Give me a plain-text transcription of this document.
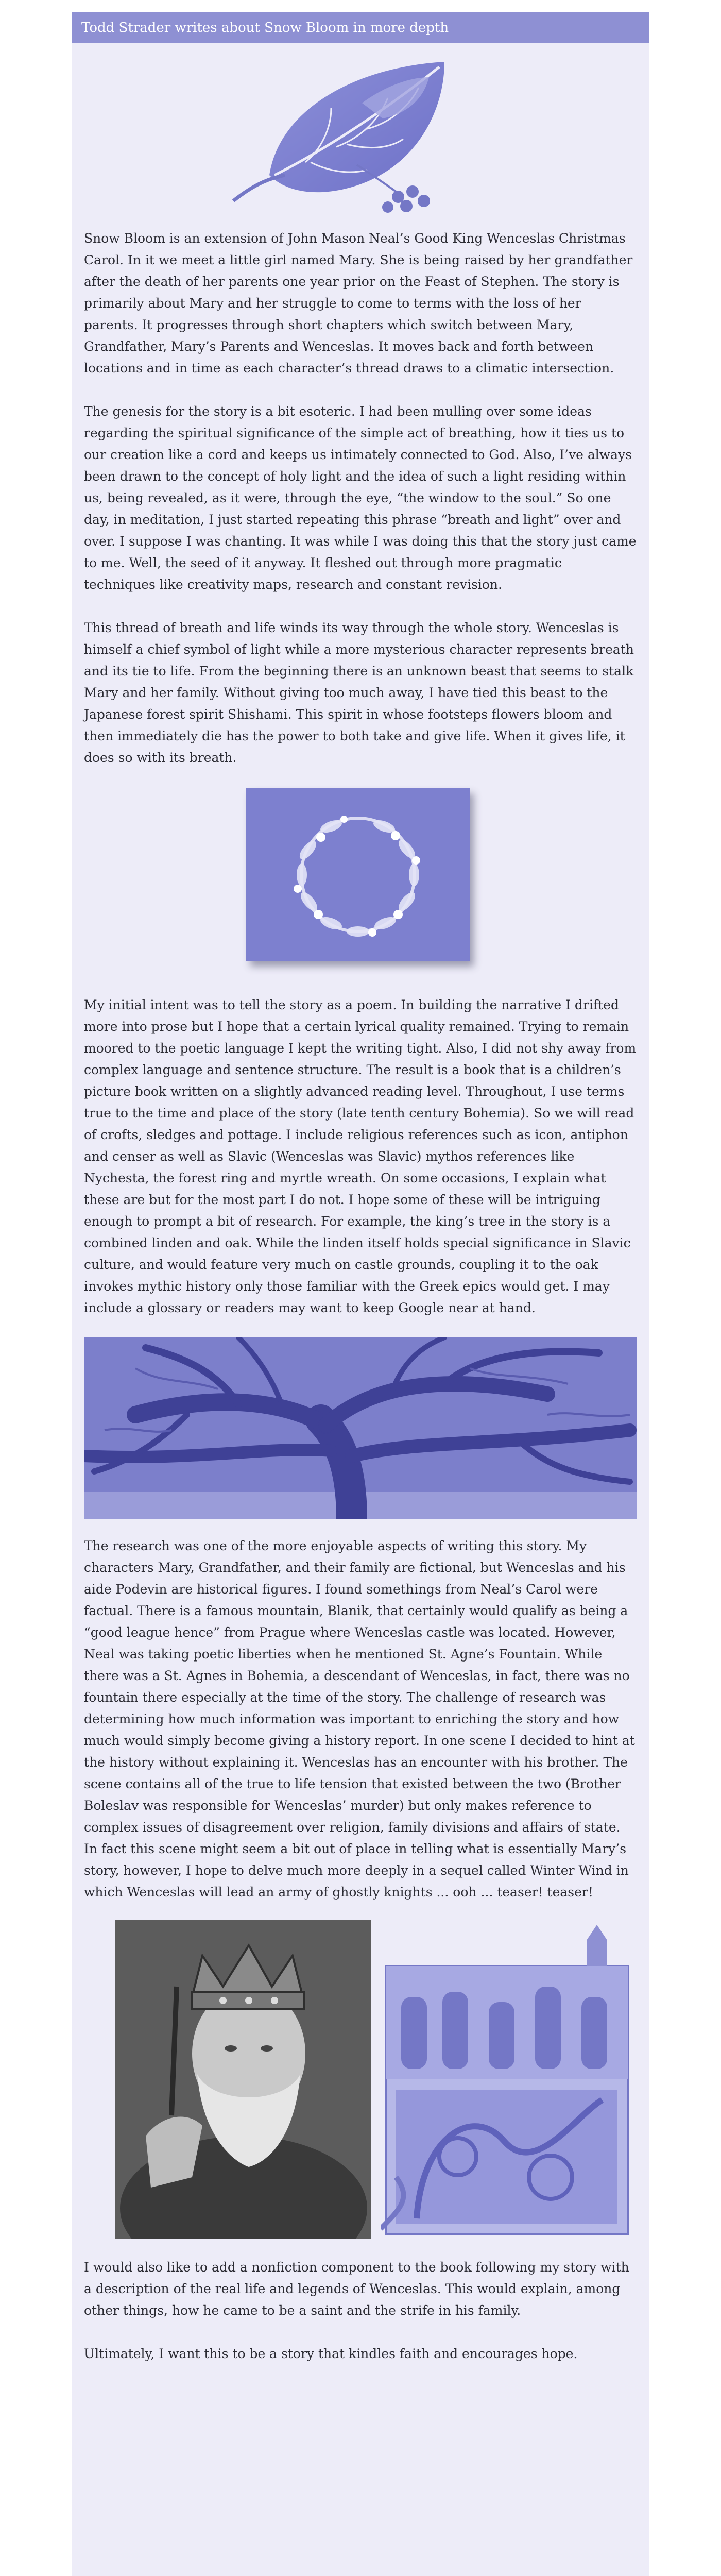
Todd Strader writes about Snow Bloom in more depth

Snow Bloom is an extension of John Mason Neal’s Good King Wenceslas Christmas Carol. In it we meet a little girl named Mary. She is being raised by her grandfather after the death of her parents one year prior on the Feast of Stephen. The story is primarily about Mary and her struggle to come to terms with the loss of her parents. It progresses through short chapters which switch between Mary, Grandfather, Mary’s Parents and Wenceslas. It moves back and forth between locations and in time as each character’s thread draws to a climatic intersection.

The genesis for the story is a bit esoteric. I had been mulling over some ideas regarding the spiritual significance of the simple act of breathing, how it ties us to our creation like a cord and keeps us intimately connected to God. Also, I’ve always been drawn to the concept of holy light and the idea of such a light residing within us, being revealed, as it were, through the eye, “the window to the soul.” So one day, in meditation, I just started repeating this phrase “breath and light” over and over. I suppose I was chanting. It was while I was doing this that the story just came to me. Well, the seed of it anyway. It fleshed out through more pragmatic techniques like creativity maps, research and constant revision.

This thread of breath and life winds its way through the whole story. Wenceslas is himself a chief symbol of light while a more mysterious character represents breath and its tie to life. From the beginning there is an unknown beast that seems to stalk Mary and her family. Without giving too much away, I have tied this beast to the Japanese forest spirit Shishami. This spirit in whose footsteps flowers bloom and then immediately die has the power to both take and give life. When it gives life, it does so with its breath.

My initial intent was to tell the story as a poem. In building the narrative I drifted more into prose but I hope that a certain lyrical quality remained. Trying to remain moored to the poetic language I kept the writing tight. Also, I did not shy away from complex language and sentence structure. The result is a book that is a children’s picture book written on a slightly advanced reading level. Throughout, I use terms true to the time and place of the story (late tenth century Bohemia). So we will read of crofts, sledges and pottage. I include religious references such as icon, antiphon and censer as well as Slavic (Wenceslas was Slavic) mythos references like Nychesta, the forest ring and myrtle wreath. On some occasions, I explain what these are but for the most part I do not. I hope some of these will be intriguing enough to prompt a bit of research. For example, the king’s tree in the story is a combined linden and oak. While the linden itself holds special significance in Slavic culture, and would feature very much on castle grounds, coupling it to the oak invokes mythic history only those familiar with the Greek epics would get. I may include a glossary or readers may want to keep Google near at hand.

The research was one of the more enjoyable aspects of writing this story. My characters Mary, Grandfather, and their family are fictional, but Wenceslas and his aide Podevin are historical figures. I found somethings from Neal’s Carol were factual. There is a famous mountain, Blanik, that certainly would qualify as being a “good league hence” from Prague where Wenceslas castle was located. However, Neal was taking poetic liberties when he mentioned St. Agne’s Fountain. While there was a St. Agnes in Bohemia, a descendant of Wenceslas, in fact, there was no fountain there especially at the time of the story. The challenge of research was determining how much information was important to enriching the story and how much would simply become giving a history report. In one scene I decided to hint at the history without explaining it. Wenceslas has an encounter with his brother. The scene contains all of the true to life tension that existed between the two (Brother Boleslav was responsible for Wenceslas’ murder) but only makes reference to complex issues of disagreement over religion, family divisions and affairs of state. In fact this scene might seem a bit out of place in telling what is essentially Mary’s story, however, I hope to delve much more deeply in a sequel called Winter Wind in which Wenceslas will lead an army of ghostly knights ... ooh ... teaser! teaser!

I would also like to add a nonfiction component to the book following my story with a description of the real life and legends of Wenceslas. This would explain, among other things, how he came to be a saint and the strife in his family.

Ultimately, I want this to be a story that kindles faith and encourages hope.
